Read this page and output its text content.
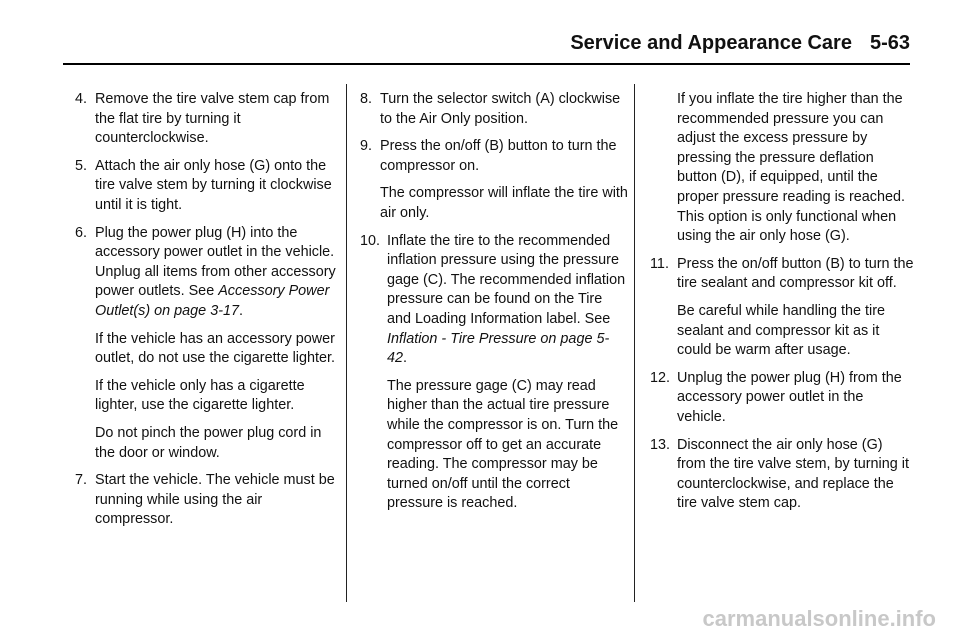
Service and Appearance Care 5-63
4. Remove the tire valve stem cap from the flat tire by turning it counterclockwise.
5. Attach the air only hose (G) onto the tire valve stem by turning it clockwise until it is tight.
6. Plug the power plug (H) into the accessory power outlet in the vehicle. Unplug all items from other accessory power outlets. See Accessory Power Outlet(s) on page 3-17.
If the vehicle has an accessory power outlet, do not use the cigarette lighter.
If the vehicle only has a cigarette lighter, use the cigarette lighter.
Do not pinch the power plug cord in the door or window.
7. Start the vehicle. The vehicle must be running while using the air compressor.
8. Turn the selector switch (A) clockwise to the Air Only position.
9. Press the on/off (B) button to turn the compressor on.
The compressor will inflate the tire with air only.
10. Inflate the tire to the recommended inflation pressure using the pressure gage (C). The recommended inflation pressure can be found on the Tire and Loading Information label. See Inflation - Tire Pressure on page 5-42.
The pressure gage (C) may read higher than the actual tire pressure while the compressor is on. Turn the compressor off to get an accurate reading. The compressor may be turned on/off until the correct pressure is reached.
If you inflate the tire higher than the recommended pressure you can adjust the excess pressure by pressing the pressure deflation button (D), if equipped, until the proper pressure reading is reached. This option is only functional when using the air only hose (G).
11. Press the on/off button (B) to turn the tire sealant and compressor kit off.
Be careful while handling the tire sealant and compressor kit as it could be warm after usage.
12. Unplug the power plug (H) from the accessory power outlet in the vehicle.
13. Disconnect the air only hose (G) from the tire valve stem, by turning it counterclockwise, and replace the tire valve stem cap.
carmanualsonline.info
